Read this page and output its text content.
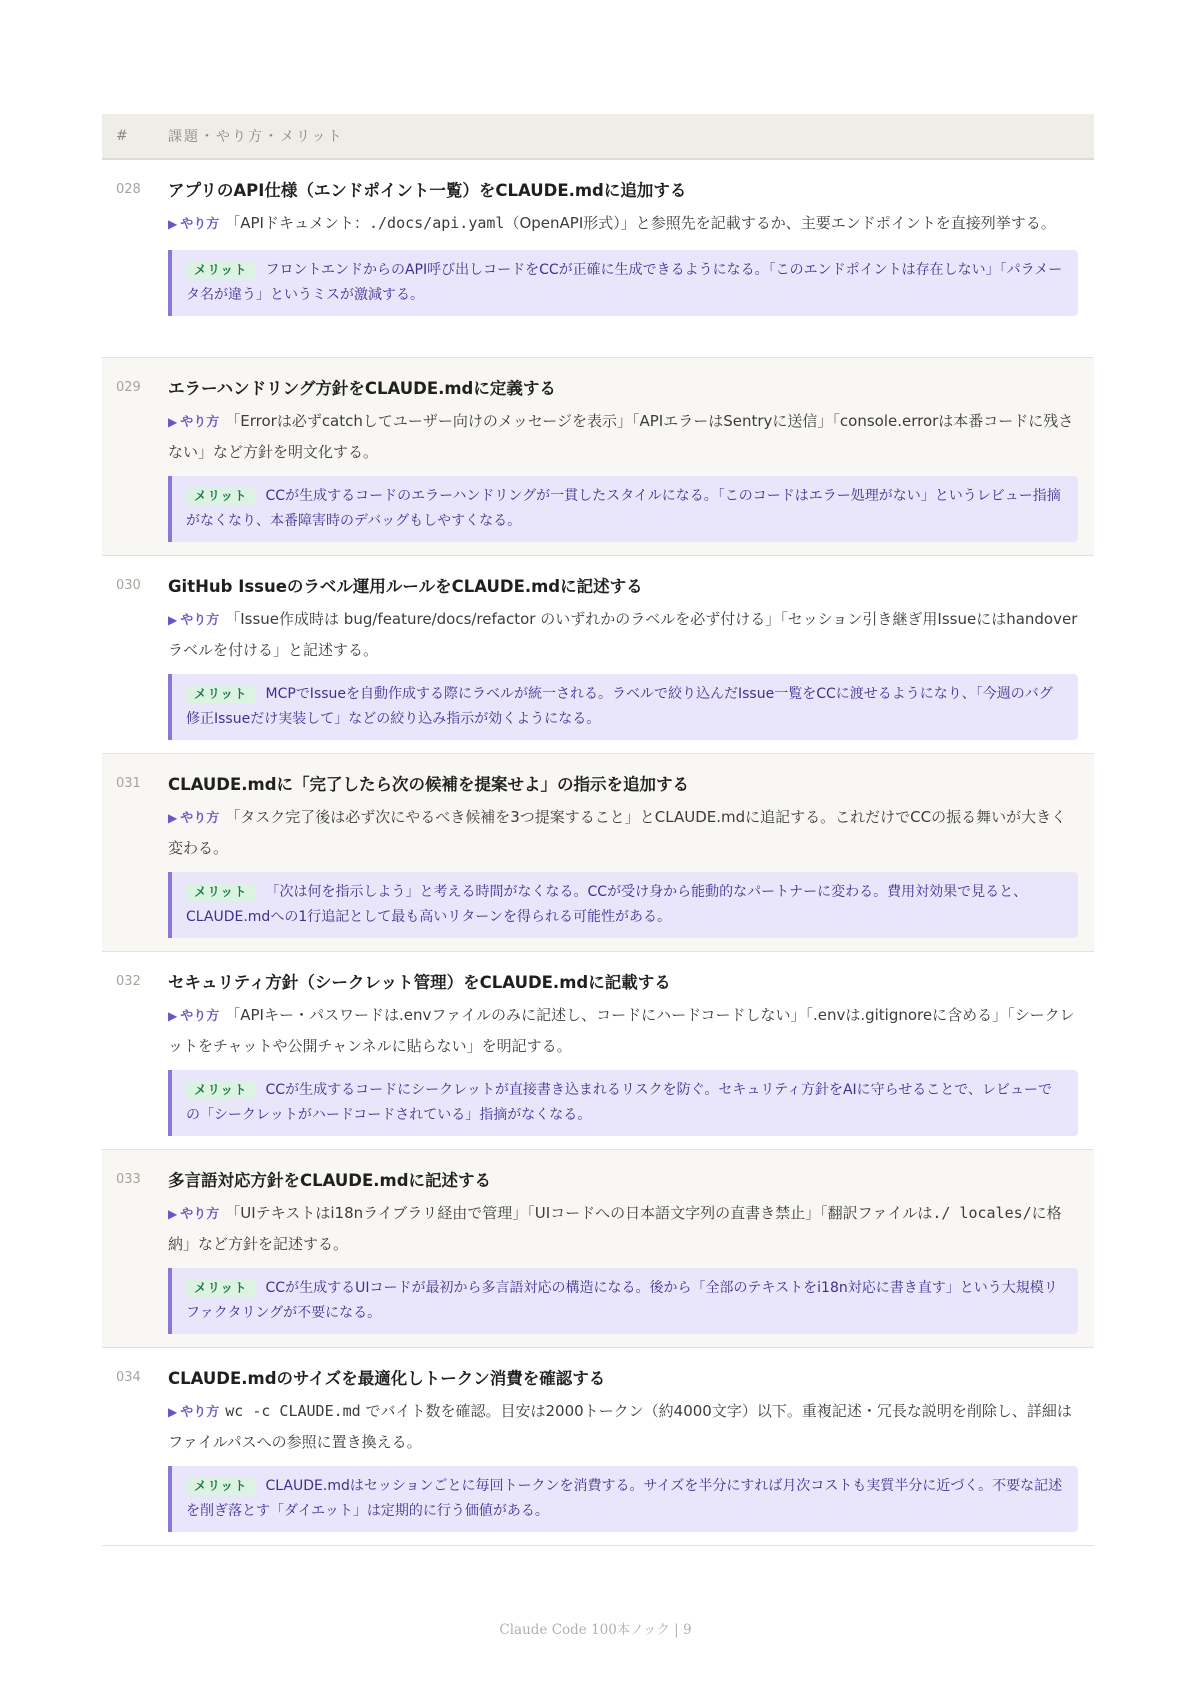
#	課題・やり方・メリット
028	アプリのAPI仕様（エンドポイント一覧）をCLAUDE.mdに追加する

▶ やり方 「APIドキュメント：./docs/api.yaml（OpenAPI形式）」と参照先を記載するか、主要エンドポイントを直接列挙する。

メリット フロントエンドからのAPI呼び出しコードをCCが正確に生成できるようになる。「このエンドポイントは存在しない」「パラメータ名が違う」というミスが激減する。
029	エラーハンドリング方針をCLAUDE.mdに定義する

▶ やり方 「Errorは必ずcatchしてユーザー向けのメッセージを表示」「APIエラーはSentryに送信」「console.errorは本番コードに残さない」など方針を明文化する。

メリット CCが生成するコードのエラーハンドリングが一貫したスタイルになる。「このコードはエラー処理がない」というレビュー指摘がなくなり、本番障害時のデバッグもしやすくなる。
030	GitHub Issueのラベル運用ルールをCLAUDE.mdに記述する

▶ やり方 「Issue作成時は bug/feature/docs/refactor のいずれかのラベルを必ず付ける」「セッション引き継ぎ用Issueにはhandoverラベルを付ける」と記述する。

メリット MCPでIssueを自動作成する際にラベルが統一される。ラベルで絞り込んだIssue一覧をCCに渡せるようになり、「今週のバグ修正Issueだけ実装して」などの絞り込み指示が効くようになる。
031	CLAUDE.mdに「完了したら次の候補を提案せよ」の指示を追加する

▶ やり方 「タスク完了後は必ず次にやるべき候補を3つ提案すること」とCLAUDE.mdに追記する。これだけでCCの振る舞いが大きく変わる。

メリット 「次は何を指示しよう」と考える時間がなくなる。CCが受け身から能動的なパートナーに変わる。費用対効果で見ると、CLAUDE.mdへの1行追記として最も高いリターンを得られる可能性がある。
032	セキュリティ方針（シークレット管理）をCLAUDE.mdに記載する

▶ やり方 「APIキー・パスワードは.envファイルのみに記述し、コードにハードコードしない」「.envは.gitignoreに含める」「シークレットをチャットや公開チャンネルに貼らない」を明記する。

メリット CCが生成するコードにシークレットが直接書き込まれるリスクを防ぐ。セキュリティ方針をAIに守らせることで、レビューでの「シークレットがハードコードされている」指摘がなくなる。
033	多言語対応方針をCLAUDE.mdに記述する

▶ やり方 「UIテキストはi18nライブラリ経由で管理」「UIコードへの日本語文字列の直書き禁止」「翻訳ファイルは./ locales/に格納」など方針を記述する。

メリット CCが生成するUIコードが最初から多言語対応の構造になる。後から「全部のテキストをi18n対応に書き直す」という大規模リファクタリングが不要になる。
034	CLAUDE.mdのサイズを最適化しトークン消費を確認する

▶ やり方 wc -c CLAUDE.md でバイト数を確認。目安は2000トークン（約4000文字）以下。重複記述・冗長な説明を削除し、詳細はファイルパスへの参照に置き換える。

メリット CLAUDE.mdはセッションごとに毎回トークンを消費する。サイズを半分にすれば月次コストも実質半分に近づく。不要な記述を削ぎ落とす「ダイエット」は定期的に行う価値がある。
Claude Code 100本ノック | 9
